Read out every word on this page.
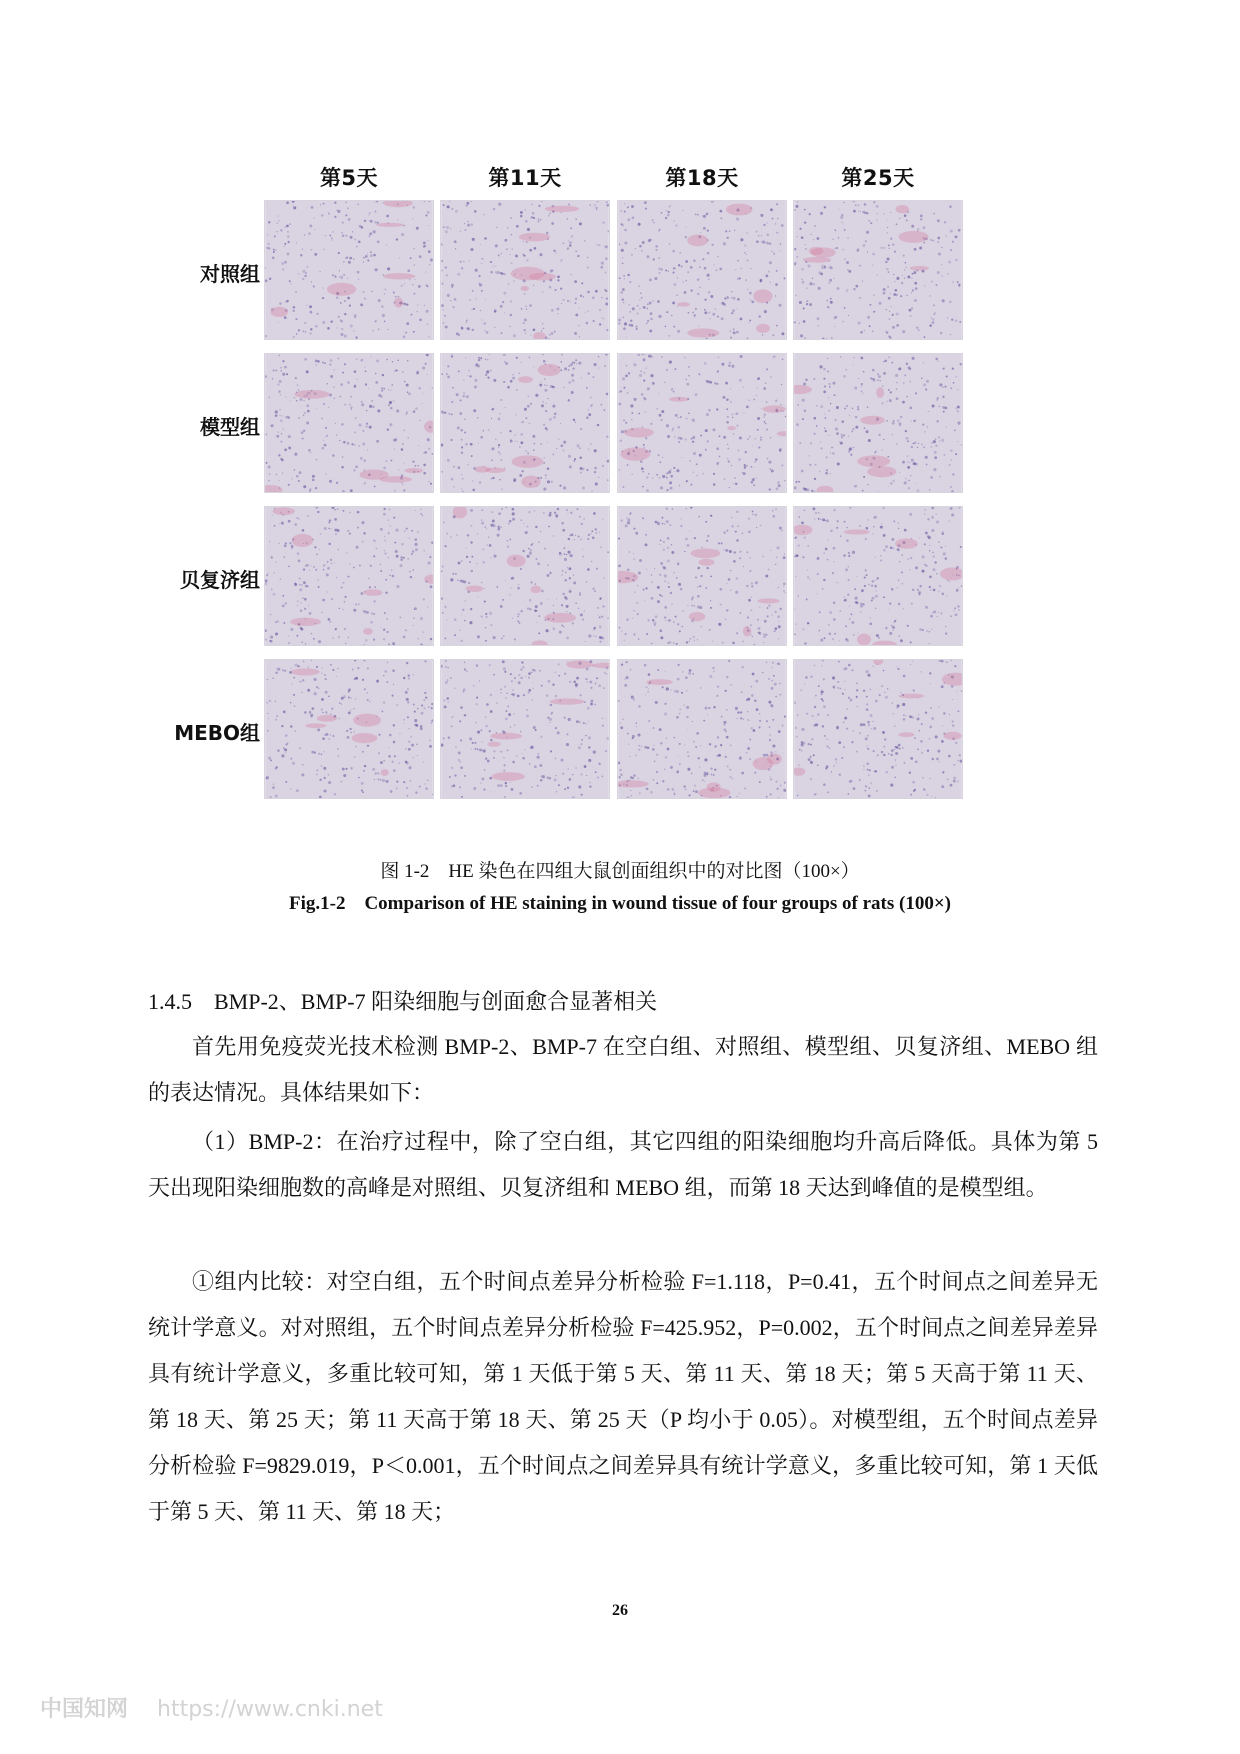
第5天	第11天	第18天	第25天
对照组
模型组
贝复济组
MEBO组
图 1-2　HE 染色在四组大鼠创面组织中的对比图（100×）
Fig.1-2　Comparison of HE staining in wound tissue of four groups of rats (100×)
1.4.5　BMP-2、BMP-7 阳染细胞与创面愈合显著相关
首先用免疫荧光技术检测 BMP-2、BMP-7 在空白组、对照组、模型组、贝复济组、MEBO 组的表达情况。具体结果如下：
（1）BMP-2：在治疗过程中，除了空白组，其它四组的阳染细胞均升高后降低。具体为第 5 天出现阳染细胞数的高峰是对照组、贝复济组和 MEBO 组，而第 18 天达到峰值的是模型组。
①组内比较：对空白组，五个时间点差异分析检验 F=1.118，P=0.41，五个时间点之间差异无统计学意义。对对照组，五个时间点差异分析检验 F=425.952，P=0.002，五个时间点之间差异差异具有统计学意义，多重比较可知，第 1 天低于第 5 天、第 11 天、第 18 天；第 5 天高于第 11 天、第 18 天、第 25 天；第 11 天高于第 18 天、第 25 天（P 均小于 0.05）。对模型组，五个时间点差异分析检验 F=9829.019，P＜0.001，五个时间点之间差异具有统计学意义，多重比较可知，第 1 天低于第 5 天、第 11 天、第 18 天；
26
中国知网 https://www.cnki.net
